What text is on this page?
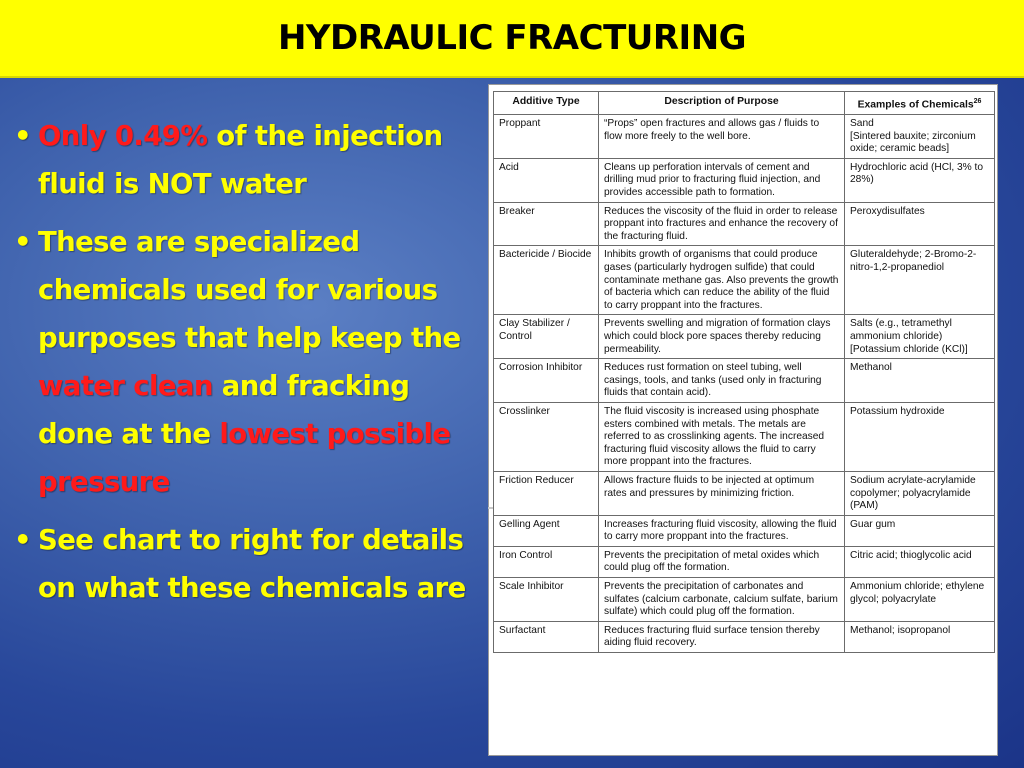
HYDRAULIC FRACTURING
• Only 0.49% of the injection fluid is NOT water
• These are specialized chemicals used for various purposes that help keep the water clean and fracking done at the lowest possible pressure
• See chart to right for details on what these chemicals are
Additive Type	Description of Purpose	Examples of Chemicals$^{26}$
Proppant	“Props” open fractures and allows gas / fluids to flow more freely to the well bore.	Sand
[Sintered bauxite; zirconium oxide; ceramic beads]

Acid	Cleans up perforation intervals of cement and drilling mud prior to fracturing fluid injection, and provides accessible path to formation.	Hydrochloric acid (HCl, 3% to 28%)

Breaker	Reduces the viscosity of the fluid in order to release proppant into fractures and enhance the recovery of the fracturing fluid.	Peroxydisulfates

Bactericide / Biocide	Inhibits growth of organisms that could produce gases (particularly hydrogen sulfide) that could contaminate methane gas. Also prevents the growth of bacteria which can reduce the ability of the fluid to carry proppant into the fractures.	Gluteraldehyde; 2-Bromo-2-nitro-1,2-propanediol

Clay Stabilizer / Control	Prevents swelling and migration of formation clays which could block pore spaces thereby reducing permeability.	Salts (e.g., tetramethyl ammonium chloride) [Potassium chloride (KCl)]

Corrosion Inhibitor	Reduces rust formation on steel tubing, well casings, tools, and tanks (used only in fracturing fluids that contain acid).	Methanol

Crosslinker	The fluid viscosity is increased using phosphate esters combined with metals. The metals are referred to as crosslinking agents. The increased fracturing fluid viscosity allows the fluid to carry more proppant into the fractures.	Potassium hydroxide

Friction Reducer	Allows fracture fluids to be injected at optimum rates and pressures by minimizing friction.	Sodium acrylate-acrylamide copolymer; polyacrylamide (PAM)

Gelling Agent	Increases fracturing fluid viscosity, allowing the fluid to carry more proppant into the fractures.	Guar gum

Iron Control	Prevents the precipitation of metal oxides which could plug off the formation.	Citric acid; thioglycolic acid

Scale Inhibitor	Prevents the precipitation of carbonates and sulfates (calcium carbonate, calcium sulfate, barium sulfate) which could plug off the formation.	Ammonium chloride; ethylene glycol; polyacrylate

Surfactant	Reduces fracturing fluid surface tension thereby aiding fluid recovery.	Methanol; isopropanol
